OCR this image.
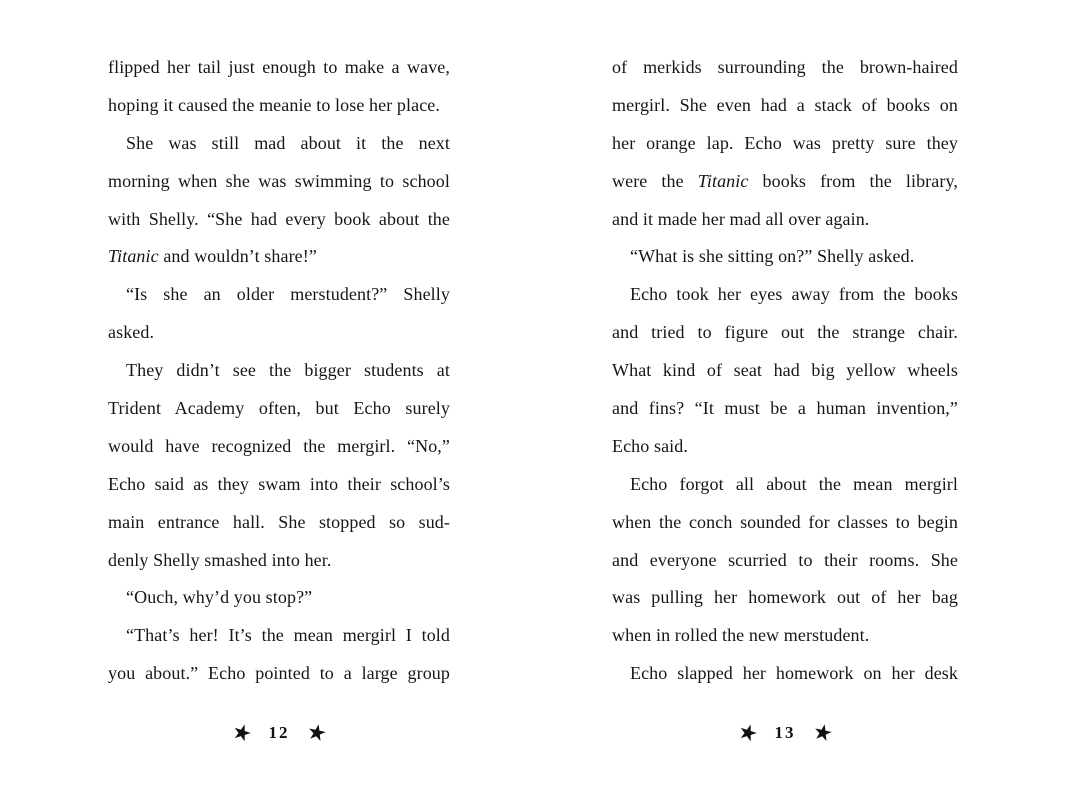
flipped her tail just enough to make a wave,
hoping it caused the meanie to lose her place.
She was still mad about it the next
morning when she was swimming to school
with Shelly. “She had every book about the
Titanic and wouldn’t share!”
“Is she an older merstudent?” Shelly
asked.
They didn’t see the bigger students at
Trident Academy often, but Echo surely
would have recognized the mergirl. “No,”
Echo said as they swam into their school’s
main entrance hall. She stopped so sud-
denly Shelly smashed into her.
“Ouch, why’d you stop?”
“That’s her! It’s the mean mergirl I told
you about.” Echo pointed to a large group
of merkids surrounding the brown-haired
mergirl. She even had a stack of books on
her orange lap. Echo was pretty sure they
were the Titanic books from the library,
and it made her mad all over again.
“What is she sitting on?” Shelly asked.
Echo took her eyes away from the books
and tried to figure out the strange chair.
What kind of seat had big yellow wheels
and fins? “It must be a human invention,”
Echo said.
Echo forgot all about the mean mergirl
when the conch sounded for classes to begin
and everyone scurried to their rooms. She
was pulling her homework out of her bag
when in rolled the new merstudent.
Echo slapped her homework on her desk
★ 12 ★	★ 13 ★
